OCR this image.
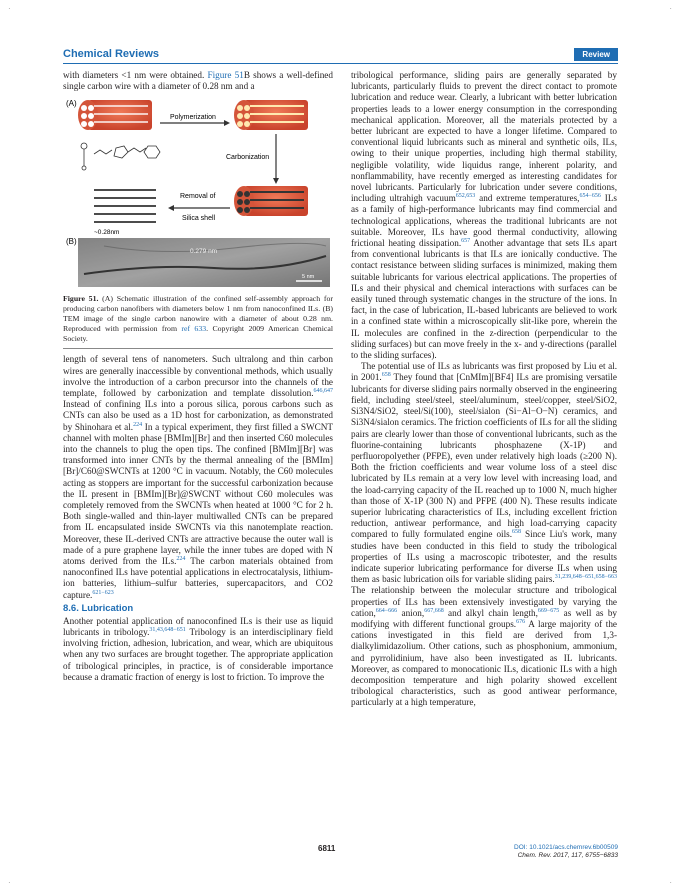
·	·
Chemical Reviews	Review

with diameters <1 nm were obtained. Figure 51B shows a well-defined single carbon wire with a diameter of 0.28 nm and a

(A)
Polymerization
Carbonization
Removal of
Silica shell
~0.28nm
(B)
0.279 nm
5 nm

Figure 51. (A) Schematic illustration of the confined self-assembly approach for producing carbon nanofibers with diameters below 1 nm from nanoconfined ILs. (B) TEM image of the single carbon nanowire with a diameter of about 0.28 nm. Reproduced with permission from ref 633. Copyright 2009 American Chemical Society.

length of several tens of nanometers. Such ultralong and thin carbon wires are generally inaccessible by conventional methods, which usually involve the introduction of a carbon precursor into the channels of the template, followed by carbonization and template dissolution.$^{646,647}$ Instead of confining ILs into a porous silica, porous carbons such as CNTs can also be used as a 1D host for carbonization, as demonstrated by Shinohara et al.$^{224}$ In a typical experiment, they first filled a SWCNT channel with molten phase [BMIm][Br] and then inserted C60 molecules into the channels to plug the open tips. The confined [BMIm][Br] was transformed into inner CNTs by the thermal annealing of the [BMIm][Br]/C60@SWCNTs at 1200 °C in vacuum. Notably, the C60 molecules acting as stoppers are important for the successful carbonization because the IL present in [BMIm][Br]@SWCNT without C60 molecules was completely removed from the SWCNTs when heated at 1000 °C for 2 h. Both single-walled and thin-layer multiwalled CNTs can be prepared from IL encapsulated inside SWCNTs via this nanotemplate reaction. Moreover, these IL-derived CNTs are attractive because the outer wall is made of a pure graphene layer, while the inner tubes are doped with N atoms derived from the ILs.$^{224}$ The carbon materials obtained from nanoconfined ILs have potential applications in electrocatalysis, lithium-ion batteries, lithium–sulfur batteries, supercapacitors, and CO2 capture.$^{621-623}$

8.6. Lubrication

Another potential application of nanoconfined ILs is their use as liquid lubricants in tribology.$^{31,43,648-651}$ Tribology is an interdisciplinary field involving friction, adhesion, lubrication, and wear, which are ubiquitous when any two surfaces are brought together. The appropriate application of tribological principles, in practice, is of considerable importance because a dramatic fraction of energy is lost to friction. To improve the

tribological performance, sliding pairs are generally separated by lubricants, particularly fluids to prevent the direct contact to promote lubrication and reduce wear. Clearly, a lubricant with better lubrication properties leads to a lower energy consumption in the corresponding mechanical application. Moreover, all the materials protected by a better lubricant are expected to have a longer lifetime. Compared to conventional liquid lubricants such as mineral and synthetic oils, ILs, owing to their unique properties, including high thermal stability, negligible volatility, wide liquidus range, inherent polarity, and nonflammability, have recently emerged as interesting candidates for novel lubricants. Particularly for lubrication under severe conditions, including ultrahigh vacuum$^{652,653}$ and extreme temperatures,$^{654-656}$ ILs as a family of high-performance lubricants may find commercial and technological applications, whereas the traditional lubricants are not suitable. Moreover, ILs have good thermal conductivity, allowing frictional heating dissipation.$^{657}$ Another advantage that sets ILs apart from conventional lubricants is that ILs are ionically conductive. The contact resistance between sliding surfaces is minimized, making them suitable lubricants for various electrical applications. The properties of ILs and their physical and chemical interactions with surfaces can be easily tuned through systematic changes in the structure of the ions. In fact, in the case of lubrication, IL-based lubricants are believed to work in a confined state within a microscopically slit-like pore, wherein the IL molecules are confined in the z-direction (perpendicular to the sliding surfaces) but can move freely in the x- and y-directions (parallel to the sliding surfaces).

The potential use of ILs as lubricants was first proposed by Liu et al. in 2001.$^{658}$ They found that [CnMIm][BF4] ILs are promising versatile lubricants for diverse sliding pairs normally observed in the engineering field, including steel/steel, steel/aluminum, steel/copper, steel/SiO2, Si3N4/SiO2, steel/Si(100), steel/sialon (Si−Al−O−N) ceramics, and Si3N4/sialon ceramics. The friction coefficients of ILs for all the sliding pairs are clearly lower than those of conventional lubricants, such as the fluorine-containing lubricants phosphazene (X-1P) and perfluoropolyether (PFPE), even under relatively high loads (≥200 N). Both the friction coefficients and wear volume loss of a steel disc lubricated by ILs remain at a very low level with increasing load, and the load-carrying capacity of the IL reached up to 1000 N, much higher than those of X-1P (300 N) and PFPE (400 N). These results indicate superior lubricating characteristics of ILs, including excellent friction reduction, antiwear performance, and high load-carrying capacity compared to fully formulated engine oils.$^{658}$ Since Liu's work, many studies have been conducted in this field to study the tribological properties of ILs using a macroscopic tribotester, and the results indicate superior lubricating performance for diverse ILs when using them as basic lubrication oils for variable sliding pairs.$^{31,239,648-651,658-663}$ The relationship between the molecular structure and tribological properties of ILs has been extensively investigated by varying the cation,$^{664-666}$ anion,$^{667,668}$ and alkyl chain length,$^{669-675}$ as well as by modifying with different functional groups.$^{676}$ A large majority of the cations investigated in this field are derived from 1,3-dialkylimidazolium. Other cations, such as phosphonium, ammonium, and pyrrolidinium, have also been investigated as IL lubricants. Moreover, as compared to monocationic ILs, dicationic ILs with a high decomposition temperature and high polarity showed excellent tribological characteristics, such as good antiwear performance, particularly at a high temperature,

6811	DOI: 10.1021/acs.chemrev.6b00509
Chem. Rev. 2017, 117, 6755−6833
·	·
